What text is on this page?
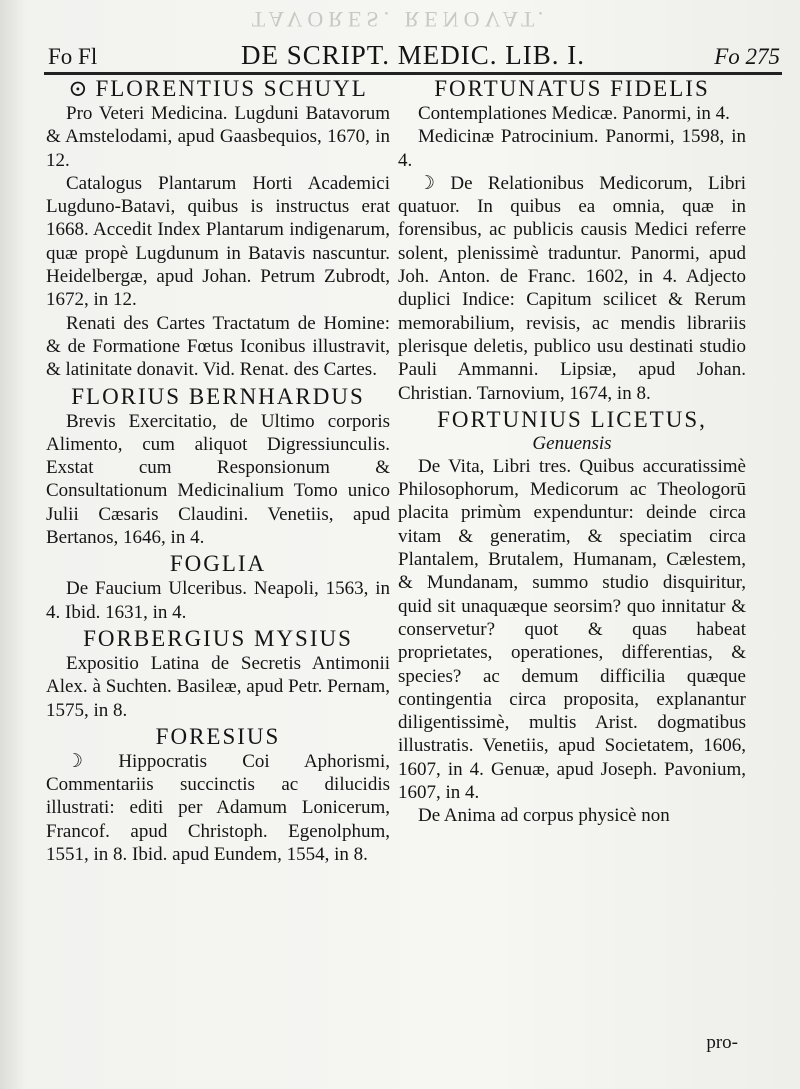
TAVORES. RENOVAT.
Fo Fl	DE SCRIPT. MEDIC. LIB. I.	Fo 275
⊙ FLORENTIUS SCHUYL

Pro Veteri Medicina. Lugduni Batavorum & Amstelodami, apud Gaasbequios, 1670, in 12.

Catalogus Plantarum Horti Academici Lugduno-Batavi, quibus is instructus erat 1668. Accedit Index Plantarum indigenarum, quæ propè Lugdunum in Batavis nascuntur. Heidelbergæ, apud Johan. Petrum Zubrodt, 1672, in 12.

Renati des Cartes Tractatum de Homine: & de Formatione Fœtus Iconibus illustravit, & latinitate donavit. Vid. Renat. des Cartes.

FLORIUS BERNHARDUS

Brevis Exercitatio, de Ultimo corporis Alimento, cum aliquot Digressiunculis. Exstat cum Responsionum & Consultationum Medicinalium Tomo unico Julii Cæsaris Claudini. Venetiis, apud Bertanos, 1646, in 4.

FOGLIA

De Faucium Ulceribus. Neapoli, 1563, in 4. Ibid. 1631, in 4.

FORBERGIUS MYSIUS

Expositio Latina de Secretis Antimonii Alex. à Suchten. Basileæ, apud Petr. Pernam, 1575, in 8.

FORESIUS

☽ Hippocratis Coi Aphorismi, Commentariis succinctis ac dilucidis illustrati: editi per Adamum Lonicerum, Francof. apud Christoph. Egenolphum, 1551, in 8. Ibid. apud Eundem, 1554, in 8.

FORTUNATUS FIDELIS

Contemplationes Medicæ. Panormi, in 4.

Medicinæ Patrocinium. Panormi, 1598, in 4.

☽ De Relationibus Medicorum, Libri quatuor. In quibus ea omnia, quæ in forensibus, ac publicis causis Medici referre solent, plenissimè traduntur. Panormi, apud Joh. Anton. de Franc. 1602, in 4. Adjecto duplici Indice: Capitum scilicet & Rerum memorabilium, revisis, ac mendis librariis plerisque deletis, publico usu destinati studio Pauli Ammanni. Lipsiæ, apud Johan. Christian. Tarnovium, 1674, in 8.

FORTUNIUS LICETUS,
Genuensis

De Vita, Libri tres. Quibus accuratissimè Philosophorum, Medicorum ac Theologorū placita primùm expenduntur: deinde circa vitam & generatim, & speciatim circa Plantalem, Brutalem, Humanam, Cælestem, & Mundanam, summo studio disquiritur, quid sit unaquæque seorsim? quo innitatur & conservetur? quot & quas habeat proprietates, operationes, differentias, & species? ac demum difficilia quæque contingentia circa proposita, explanantur diligentissimè, multis Arist. dogmatibus illustratis. Venetiis, apud Societatem, 1606, 1607, in 4. Genuæ, apud Joseph. Pavonium, 1607, in 4.

De Anima ad corpus physicè non

pro-
